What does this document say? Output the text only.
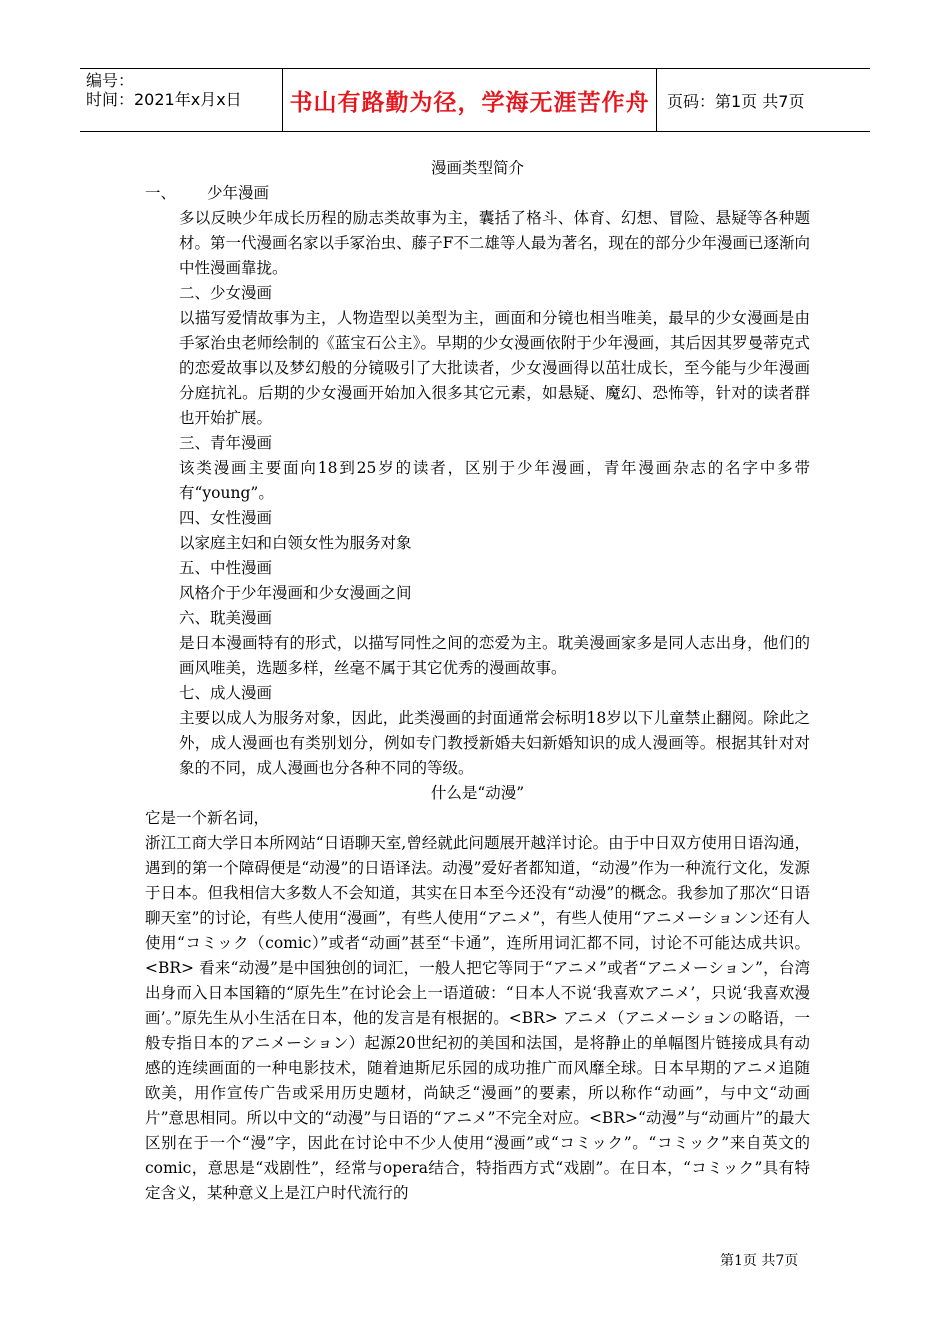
编号：
时间：2021年x月x日	书山有路勤为径，学海无涯苦作舟	页码：第1页 共7页
漫画类型简介
一、	少年漫画

多以反映少年成长历程的励志类故事为主，囊括了格斗、体育、幻想、冒险、悬疑等各种题材。第一代漫画名家以手冢治虫、藤子F不二雄等人最为著名，现在的部分少年漫画已逐渐向中性漫画靠拢。

二、少女漫画

以描写爱情故事为主，人物造型以美型为主，画面和分镜也相当唯美，最早的少女漫画是由手冢治虫老师绘制的《蓝宝石公主》。早期的少女漫画依附于少年漫画，其后因其罗曼蒂克式的恋爱故事以及梦幻般的分镜吸引了大批读者，少女漫画得以茁壮成长，至今能与少年漫画分庭抗礼。后期的少女漫画开始加入很多其它元素，如悬疑、魔幻、恐怖等，针对的读者群也开始扩展。

三、青年漫画

该类漫画主要面向18到25岁的读者，区别于少年漫画，青年漫画杂志的名字中多带有“young”。

四、女性漫画

以家庭主妇和白领女性为服务对象

五、中性漫画

风格介于少年漫画和少女漫画之间

六、耽美漫画

是日本漫画特有的形式，以描写同性之间的恋爱为主。耽美漫画家多是同人志出身，他们的画风唯美，选题多样，丝毫不属于其它优秀的漫画故事。

七、成人漫画

主要以成人为服务对象，因此，此类漫画的封面通常会标明18岁以下儿童禁止翻阅。除此之外，成人漫画也有类别划分，例如专门教授新婚夫妇新婚知识的成人漫画等。根据其针对对象的不同，成人漫画也分各种不同的等级。

什么是“动漫”

它是一个新名词，

浙江工商大学日本所网站“日语聊天室,曾经就此问题展开越洋讨论。由于中日双方使用日语沟通，遇到的第一个障碍便是“动漫”的日语译法。动漫”爱好者都知道，“动漫”作为一种流行文化，发源于日本。但我相信大多数人不会知道，其实在日本至今还没有“动漫”的概念。我参加了那次“日语聊天室”的讨论，有些人使用“漫画”，有些人使用“アニメ”，有些人使用“アニメーションン还有人使用“コミック（comic）”或者“动画”甚至“卡通”，连所用词汇都不同，讨论不可能达成共识。<BR> 看来“动漫”是中国独创的词汇，一般人把它等同于“アニメ”或者“アニメーション”，台湾出身而入日本国籍的“原先生”在讨论会上一语道破：“日本人不说‘我喜欢アニメ’，只说‘我喜欢漫画’。”原先生从小生活在日本，他的发言是有根据的。<BR> アニメ（アニメーションの略语，一般专指日本的アニメーション）起源20世纪初的美国和法国，是将静止的单幅图片链接成具有动感的连续画面的一种电影技术，随着迪斯尼乐园的成功推广而风靡全球。日本早期的アニメ追随欧美，用作宣传广告或采用历史题材，尚缺乏“漫画”的要素，所以称作“动画”，与中文“动画片”意思相同。所以中文的“动漫”与日语的“アニメ”不完全对应。<BR>“动漫”与“动画片”的最大区别在于一个“漫”字，因此在讨论中不少人使用“漫画”或“コミック”。“コミック”来自英文的comic，意思是“戏剧性”，经常与opera结合，特指西方式“戏剧”。在日本，“コミック”具有特定含义，某种意义上是江户时代流行的

第1页 共7页
